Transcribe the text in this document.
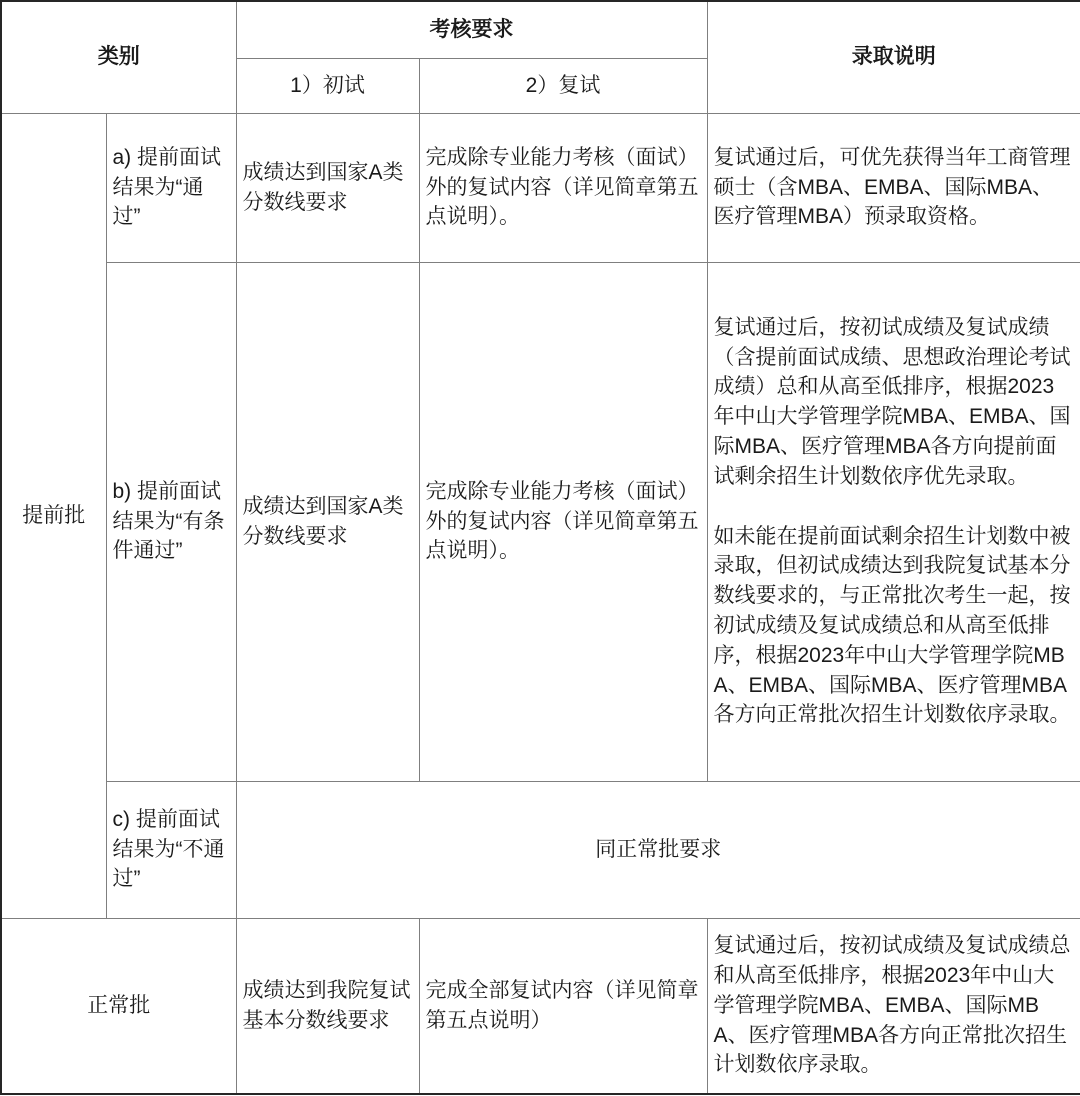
类别		考核要求		录取说明
		1）初试	2）复试	
提前批	a) 提前面试结果为“通过”	成绩达到国家A类分数线要求	完成除专业能力考核（面试）外的复试内容（详见简章第五点说明）。	复试通过后，可优先获得当年工商管理硕士（含MBA、EMBA、国际MBA、医疗管理MBA）预录取资格。
	b) 提前面试结果为“有条件通过”	成绩达到国家A类分数线要求	完成除专业能力考核（面试）外的复试内容（详见简章第五点说明）。	复试通过后，按初试成绩及复试成绩（含提前面试成绩、思想政治理论考试成绩）总和从高至低排序，根据2023年中山大学管理学院MBA、EMBA、国际MBA、医疗管理MBA各方向提前面试剩余招生计划数依序优先录取。

如未能在提前面试剩余招生计划数中被录取，但初试成绩达到我院复试基本分数线要求的，与正常批次考生一起，按初试成绩及复试成绩总和从高至低排序，根据2023年中山大学管理学院MBA、EMBA、国际MBA、医疗管理MBA各方向正常批次招生计划数依序录取。

	c) 提前面试结果为“不通过”	同正常批要求		
正常批		成绩达到我院复试基本分数线要求	完成全部复试内容（详见简章第五点说明）	复试通过后，按初试成绩及复试成绩总和从高至低排序，根据2023年中山大学管理学院MBA、EMBA、国际MBA、医疗管理MBA各方向正常批次招生计划数依序录取。
